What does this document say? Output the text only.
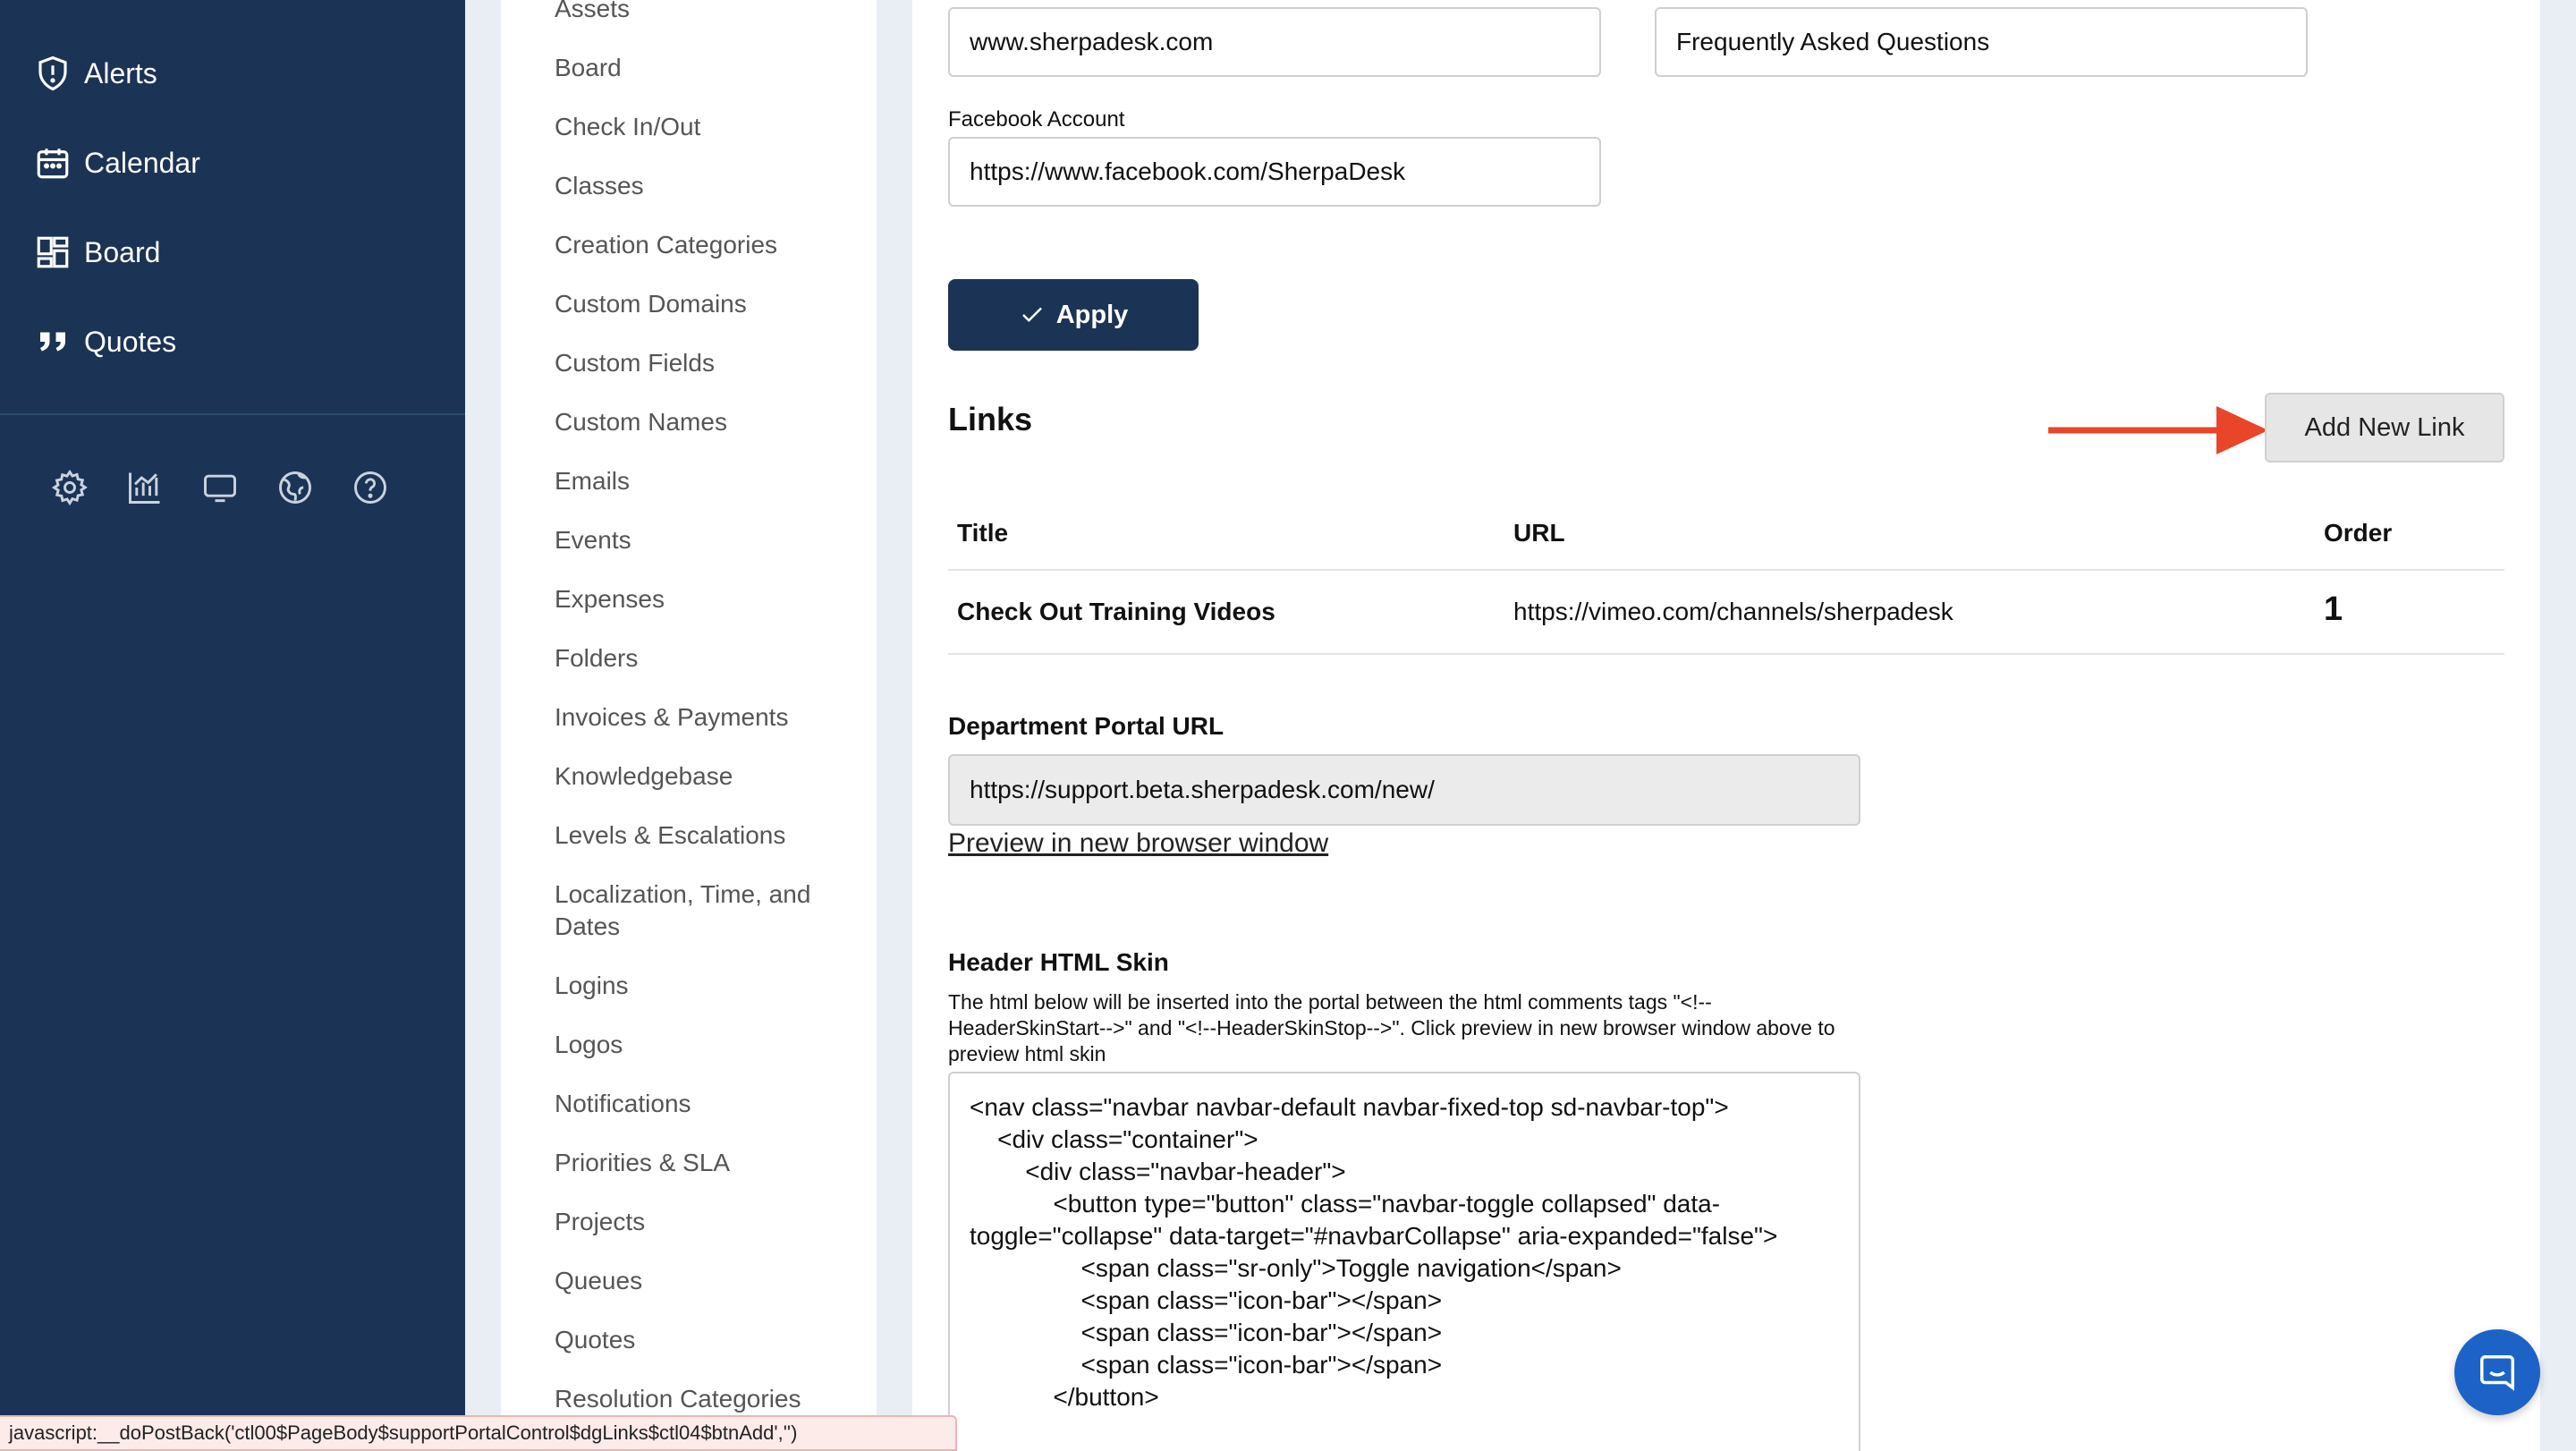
Alerts
Calendar
Board
Quotes
Assets
Board
Check In/Out
Classes
Creation Categories
Custom Domains
Custom Fields
Custom Names
Emails
Events
Expenses
Folders
Invoices & Payments
Knowledgebase
Levels & Escalations
Localization, Time, and Dates
Logins
Logos
Notifications
Priorities & SLA
Projects
Queues
Quotes
Resolution Categories
www.sherpadesk.com	Frequently Asked Questions
Facebook Account
https://www.facebook.com/SherpaDesk
Apply
Links	Add New Link
Title	URL	Order
Check Out Training Videos	https://vimeo.com/channels/sherpadesk	1
Department Portal URL
https://support.beta.sherpadesk.com/new/
Preview in new browser window
Header HTML Skin
The html below will be inserted into the portal between the html comments tags "<!--HeaderSkinStart-->" and "<!--HeaderSkinStop-->". Click preview in new browser window above to preview html skin
<nav class="navbar navbar-default navbar-fixed-top sd-navbar-top">
<div class="container">
<div class="navbar-header">
<button type="button" class="navbar-toggle collapsed" data-toggle="collapse" data-target="#navbarCollapse" aria-expanded="false">
<span class="sr-only">Toggle navigation</span>
<span class="icon-bar"></span>
<span class="icon-bar"></span>
<span class="icon-bar"></span>
</button>
javascript:__doPostBack('ctl00$PageBody$supportPortalControl$dgLinks$ctl04$btnAdd','')
